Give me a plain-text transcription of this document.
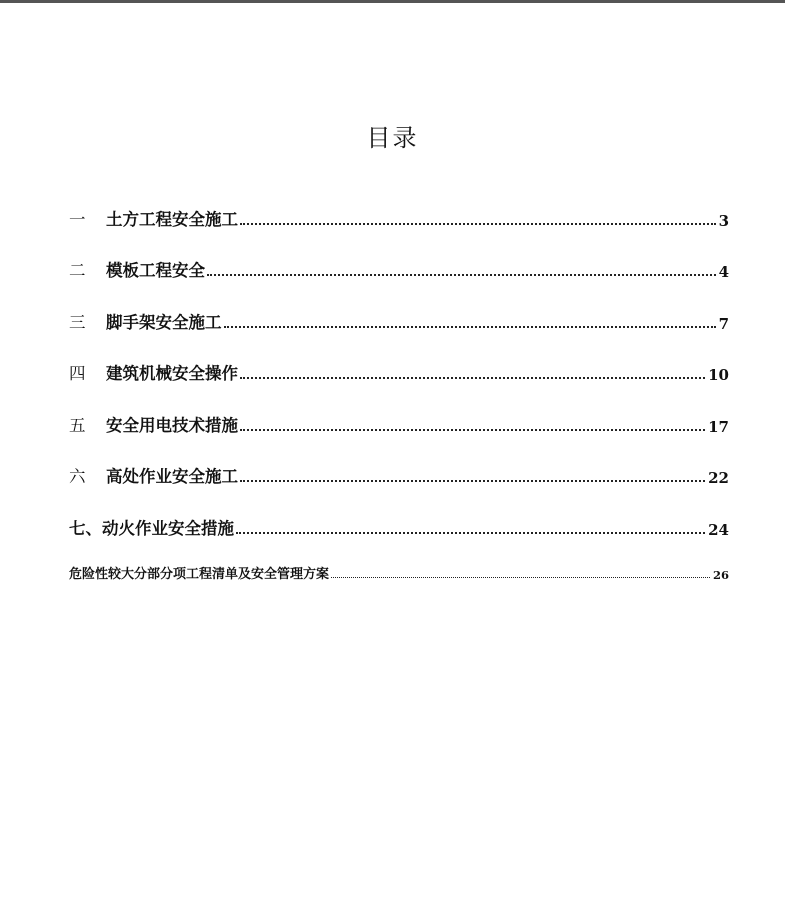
目录
一	土方工程安全施工	3
二	模板工程安全	4
三	脚手架安全施工	7
四	建筑机械安全操作	10
五	安全用电技术措施	17
六	高处作业安全施工	22
七、动火作业安全措施	24
危险性较大分部分项工程清单及安全管理方案	26
